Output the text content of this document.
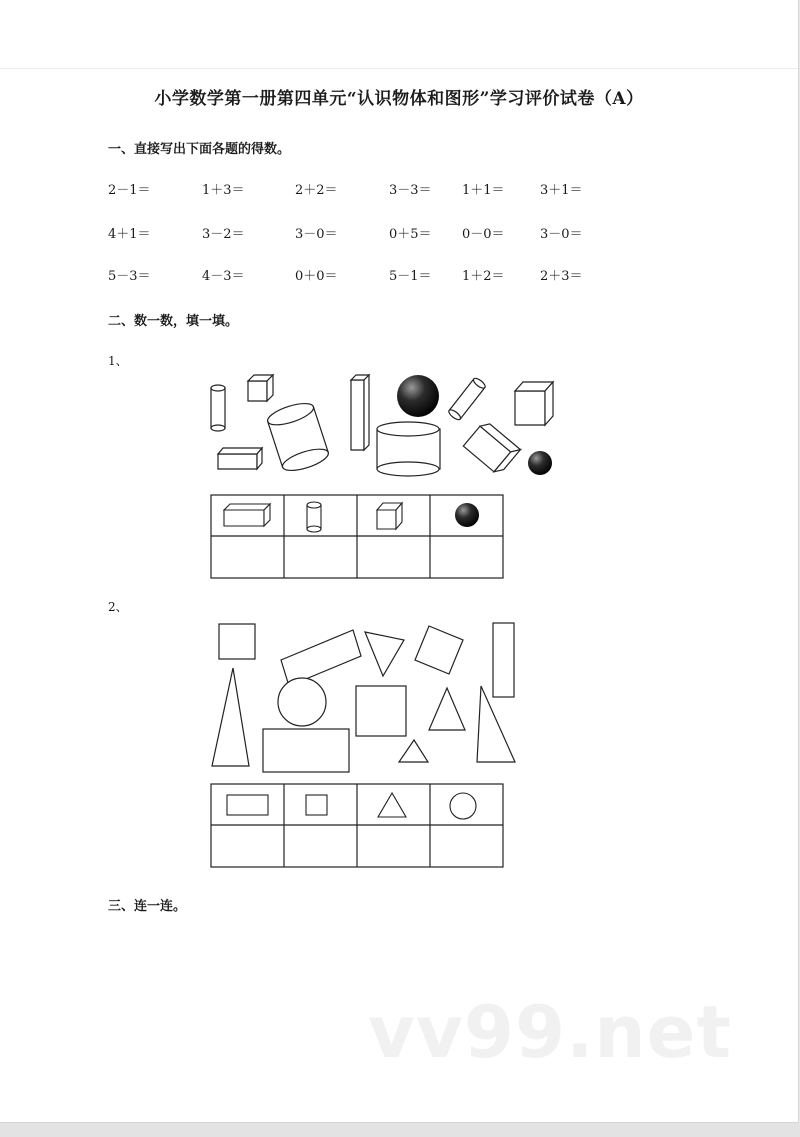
小学数学第一册第四单元“认识物体和图形”学习评价试卷（A）
一、直接写出下面各题的得数。
2－1＝	1＋3＝	2＋2＝	3－3＝ 1＋1＝	3＋1＝
4＋1＝	3－2＝	3－0＝	0＋5＝ 0－0＝	3－0＝
5－3＝	4－3＝	0＋0＝	5－1＝ 1＋2＝	2＋3＝
二、数一数，填一填。
1、
2、
三、连一连。
vv99.net
